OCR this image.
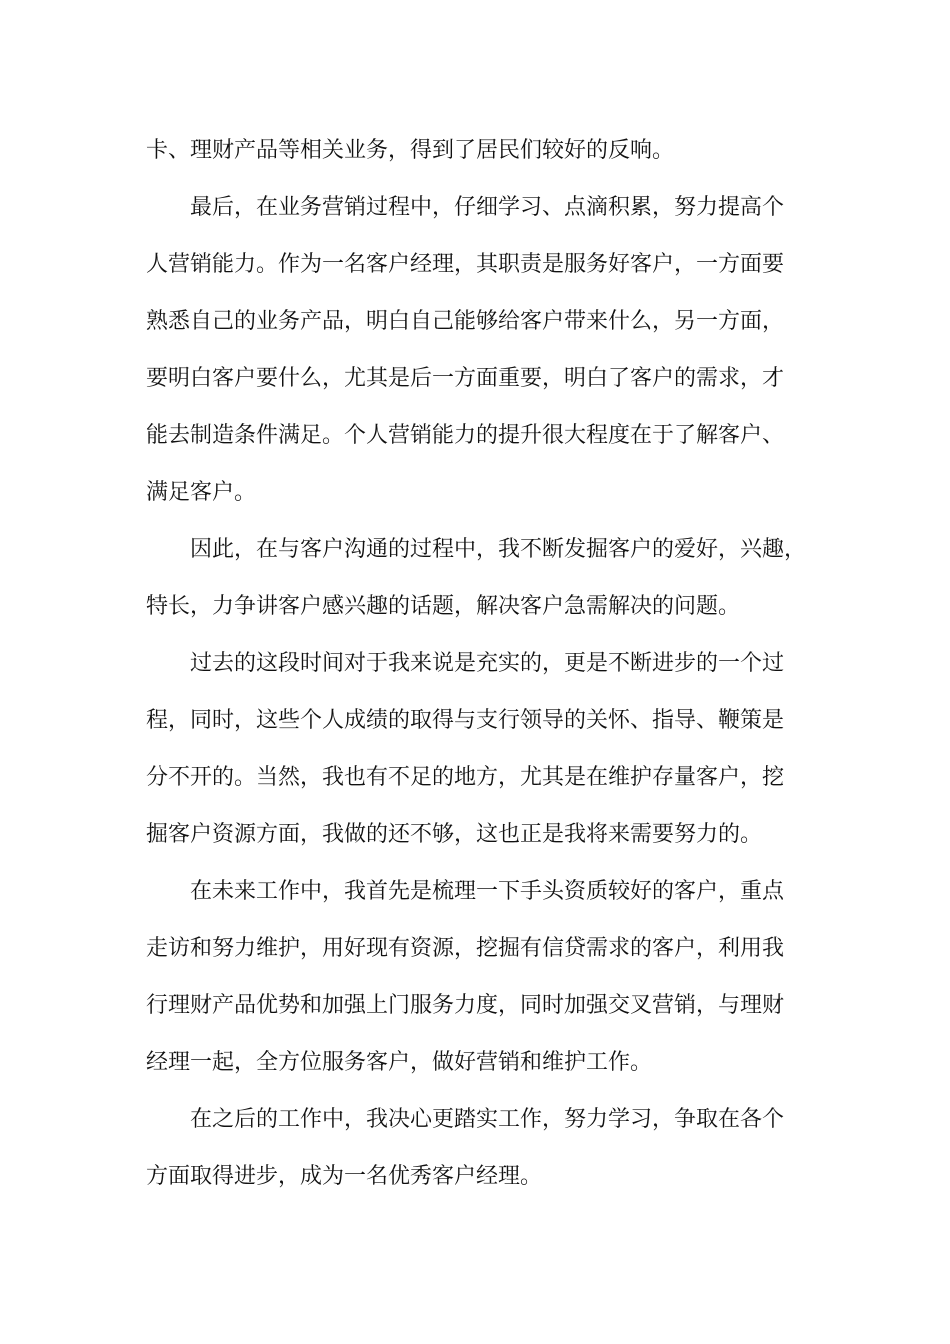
卡、理财产品等相关业务，得到了居民们较好的反响。

最后，在业务营销过程中，仔细学习、点滴积累，努力提高个

人营销能力。作为一名客户经理，其职责是服务好客户，一方面要

熟悉自己的业务产品，明白自己能够给客户带来什么，另一方面，

要明白客户要什么，尤其是后一方面重要，明白了客户的需求，才

能去制造条件满足。个人营销能力的提升很大程度在于了解客户、

满足客户。

因此，在与客户沟通的过程中，我不断发掘客户的爱好，兴趣，

特长，力争讲客户感兴趣的话题，解决客户急需解决的问题。

过去的这段时间对于我来说是充实的，更是不断进步的一个过

程，同时，这些个人成绩的取得与支行领导的关怀、指导、鞭策是

分不开的。当然，我也有不足的地方，尤其是在维护存量客户，挖

掘客户资源方面，我做的还不够，这也正是我将来需要努力的。

在未来工作中，我首先是梳理一下手头资质较好的客户，重点

走访和努力维护，用好现有资源，挖掘有信贷需求的客户，利用我

行理财产品优势和加强上门服务力度，同时加强交叉营销，与理财

经理一起，全方位服务客户，做好营销和维护工作。

在之后的工作中，我决心更踏实工作，努力学习，争取在各个

方面取得进步，成为一名优秀客户经理。
